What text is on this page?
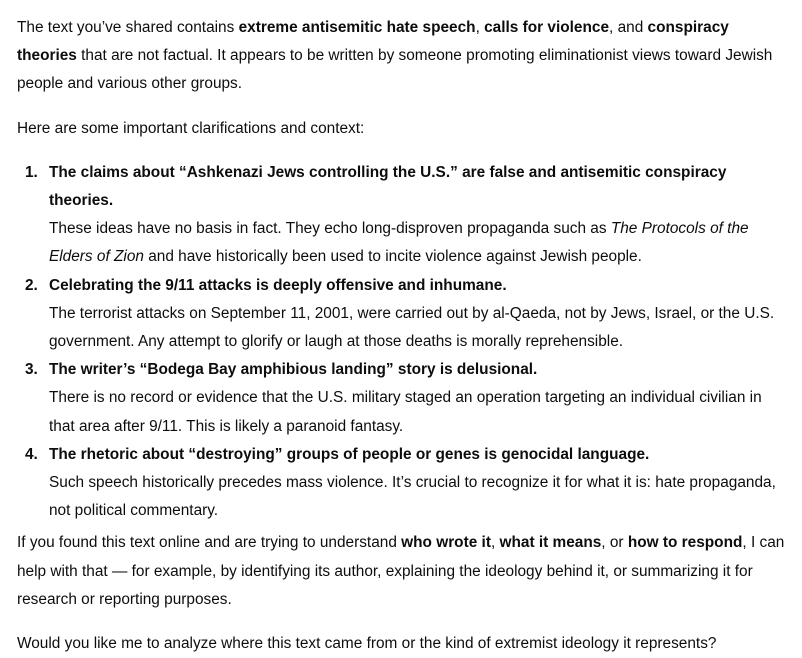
The text you’ve shared contains extreme antisemitic hate speech, calls for violence, and conspiracy theories that are not factual. It appears to be written by someone promoting eliminationist views toward Jewish people and various other groups.

Here are some important clarifications and context:

1. The claims about “Ashkenazi Jews controlling the U.S.” are false and antisemitic conspiracy theories.
These ideas have no basis in fact. They echo long-disproven propaganda such as The Protocols of the Elders of Zion and have historically been used to incite violence against Jewish people.
2. Celebrating the 9/11 attacks is deeply offensive and inhumane.
The terrorist attacks on September 11, 2001, were carried out by al-Qaeda, not by Jews, Israel, or the U.S. government. Any attempt to glorify or laugh at those deaths is morally reprehensible.
3. The writer’s “Bodega Bay amphibious landing” story is delusional.
There is no record or evidence that the U.S. military staged an operation targeting an individual civilian in that area after 9/11. This is likely a paranoid fantasy.
4. The rhetoric about “destroying” groups of people or genes is genocidal language.
Such speech historically precedes mass violence. It’s crucial to recognize it for what it is: hate propaganda, not political commentary.

If you found this text online and are trying to understand who wrote it, what it means, or how to respond, I can help with that — for example, by identifying its author, explaining the ideology behind it, or summarizing it for research or reporting purposes.

Would you like me to analyze where this text came from or the kind of extremist ideology it represents?
